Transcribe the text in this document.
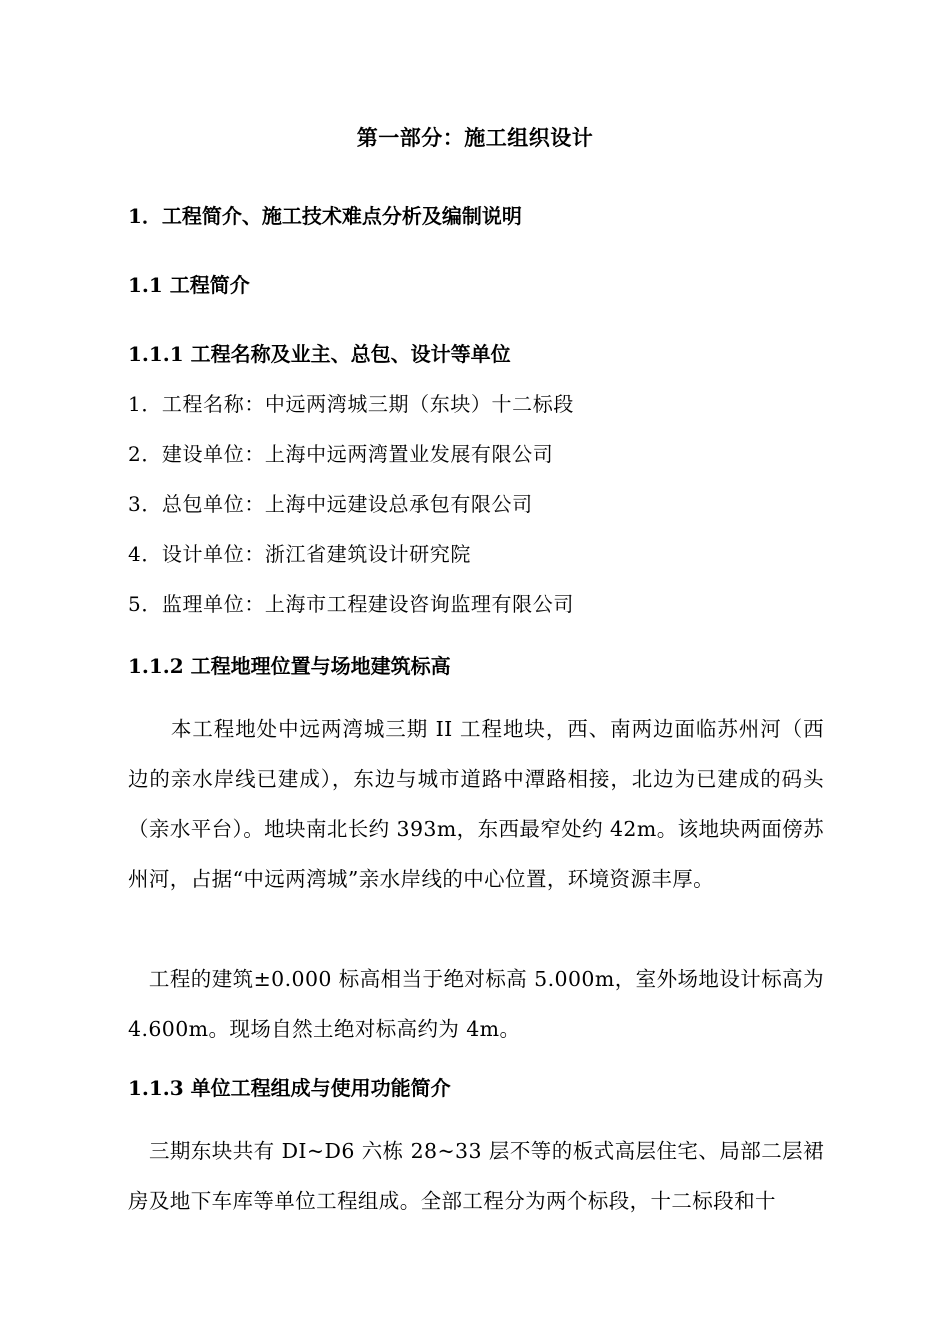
第一部分：施工组织设计
1．工程简介、施工技术难点分析及编制说明
1.1 工程简介
1.1.1 工程名称及业主、总包、设计等单位
1．工程名称：中远两湾城三期（东块）十二标段
2．建设单位：上海中远两湾置业发展有限公司
3．总包单位：上海中远建设总承包有限公司
4．设计单位：浙江省建筑设计研究院
5．监理单位：上海市工程建设咨询监理有限公司
1.1.2 工程地理位置与场地建筑标高
　　本工程地处中远两湾城三期 II 工程地块，西、南两边面临苏州河（西边的亲水岸线已建成），东边与城市道路中潭路相接，北边为已建成的码头（亲水平台）。地块南北长约 393m，东西最窄处约 42m。该地块两面傍苏州河，占据“中远两湾城”亲水岸线的中心位置，环境资源丰厚。
　工程的建筑±0.000 标高相当于绝对标高 5.000m，室外场地设计标高为 4.600m。现场自然土绝对标高约为 4m。
1.1.3 单位工程组成与使用功能简介
　三期东块共有 DI~D6 六栋 28~33 层不等的板式高层住宅、局部二层裙房及地下车库等单位工程组成。全部工程分为两个标段，十二标段和十
